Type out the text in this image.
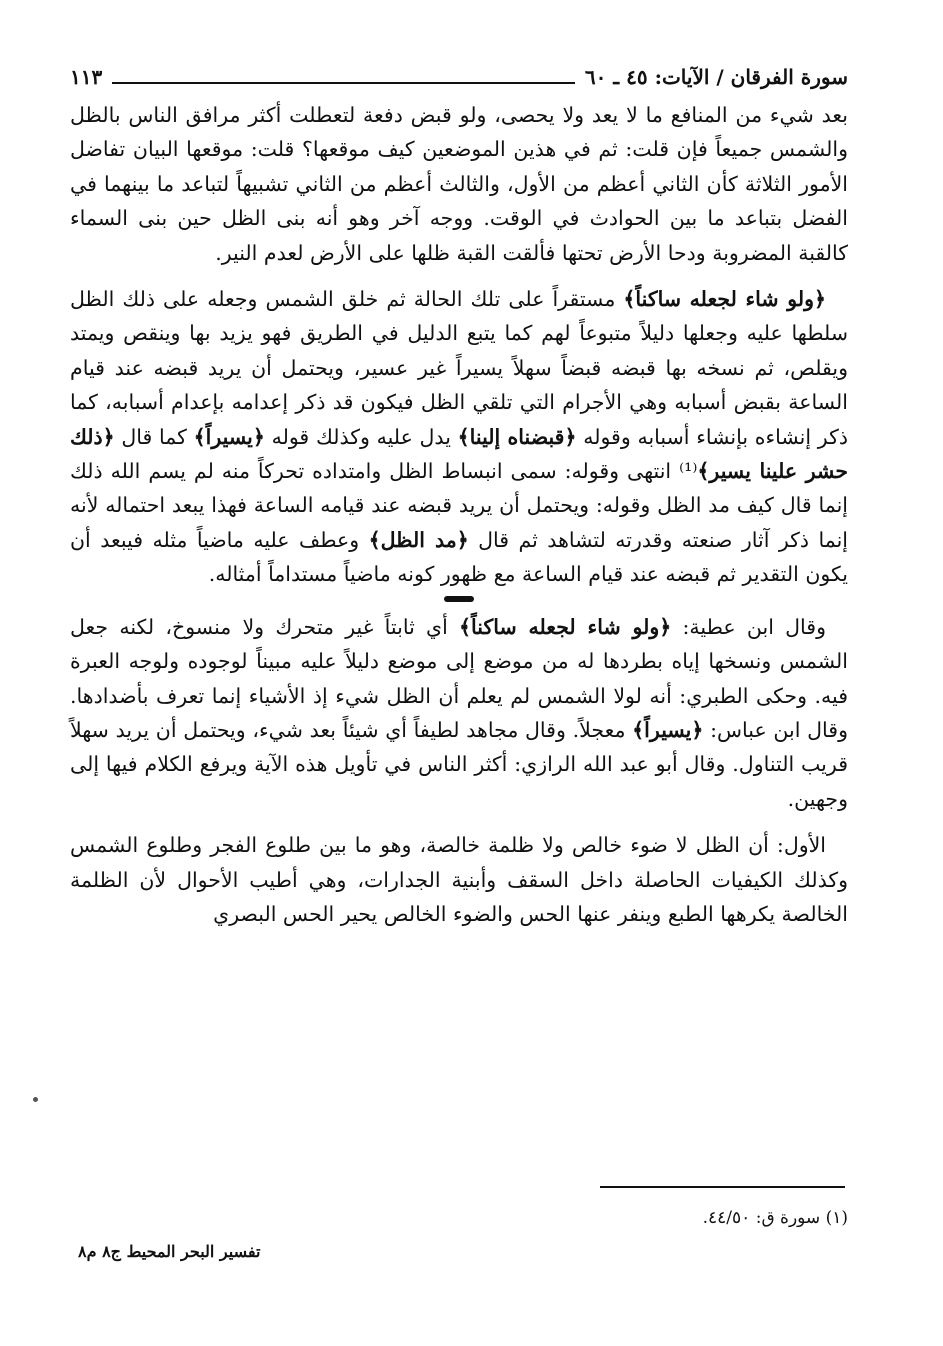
سورة الفرقان / الآيات: ٤٥ ـ ٦٠
١١٣

بعد شيء من المنافع ما لا يعد ولا يحصى، ولو قبض دفعة لتعطلت أكثر مرافق الناس بالظل والشمس جميعاً فإن قلت: ثم في هذين الموضعين كيف موقعها؟ قلت: موقعها البيان تفاضل الأمور الثلاثة كأن الثاني أعظم من الأول، والثالث أعظم من الثاني تشبيهاً لتباعد ما بينهما في الفضل بتباعد ما بين الحوادث في الوقت. ووجه آخر وهو أنه بنى الظل حين بنى السماء كالقبة المضروبة ودحا الأرض تحتها فألقت القبة ظلها على الأرض لعدم النير.

﴿ولو شاء لجعله ساكناً﴾ مستقراً على تلك الحالة ثم خلق الشمس وجعله على ذلك الظل سلطها عليه وجعلها دليلاً متبوعاً لهم كما يتبع الدليل في الطريق فهو يزيد بها وينقص ويمتد ويقلص، ثم نسخه بها قبضه قبضاً سهلاً يسيراً غير عسير، ويحتمل أن يريد قبضه عند قيام الساعة بقبض أسبابه وهي الأجرام التي تلقي الظل فيكون قد ذكر إعدامه بإعدام أسبابه، كما ذكر إنشاءه بإنشاء أسبابه وقوله ﴿قبضناه إلينا﴾ يدل عليه وكذلك قوله ﴿يسيراً﴾ كما قال ﴿ذلك حشر علينا يسير﴾⁽¹⁾ انتهى وقوله: سمى انبساط الظل وامتداده تحركاً منه لم يسم الله ذلك إنما قال كيف مد الظل وقوله: ويحتمل أن يريد قبضه عند قيامه الساعة فهذا يبعد احتماله لأنه إنما ذكر آثار صنعته وقدرته لتشاهد ثم قال ﴿مد الظل﴾ وعطف عليه ماضياً مثله فيبعد أن يكون التقدير ثم قبضه عند قيام الساعة مع ظهور كونه ماضياً مستداماً أمثاله.

وقال ابن عطية: ﴿ولو شاء لجعله ساكناً﴾ أي ثابتاً غير متحرك ولا منسوخ، لكنه جعل الشمس ونسخها إياه بطردها له من موضع إلى موضع دليلاً عليه مبيناً لوجوده ولوجه العبرة فيه. وحكى الطبري: أنه لولا الشمس لم يعلم أن الظل شيء إذ الأشياء إنما تعرف بأضدادها. وقال ابن عباس: ﴿يسيراً﴾ معجلاً. وقال مجاهد لطيفاً أي شيئاً بعد شيء، ويحتمل أن يريد سهلاً قريب التناول. وقال أبو عبد الله الرازي: أكثر الناس في تأويل هذه الآية ويرفع الكلام فيها إلى وجهين.

الأول: أن الظل لا ضوء خالص ولا ظلمة خالصة، وهو ما بين طلوع الفجر وطلوع الشمس وكذلك الكيفيات الحاصلة داخل السقف وأبنية الجدارات، وهي أطيب الأحوال لأن الظلمة الخالصة يكرهها الطبع وينفر عنها الحس والضوء الخالص يحير الحس البصري

(١) سورة ق: ٤٤/٥٠.
تفسير البحر المحيط ج٨ م٨
